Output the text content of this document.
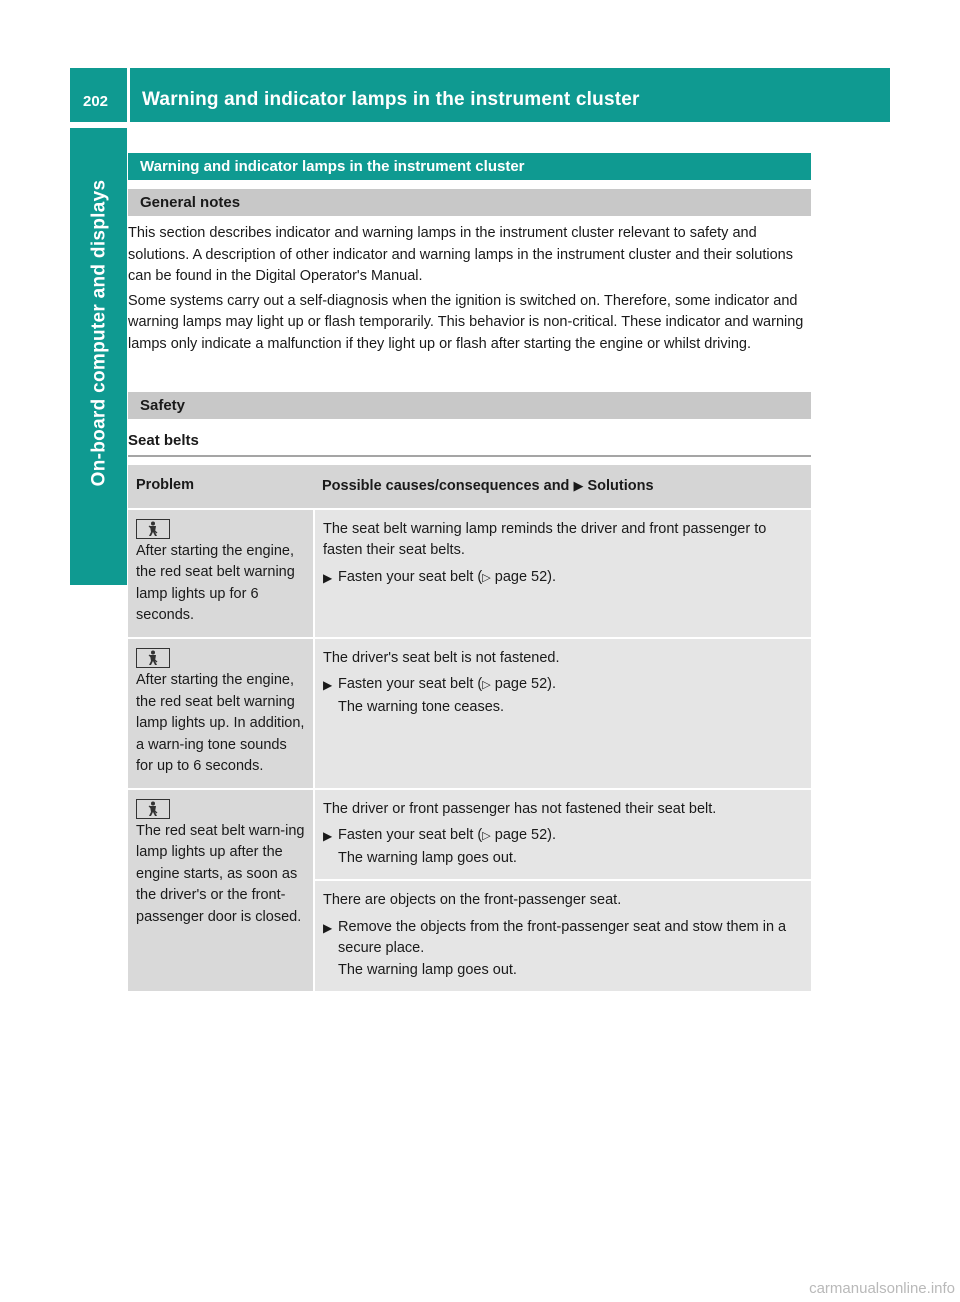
202	Warning and indicator lamps in the instrument cluster
On-board computer and displays
Warning and indicator lamps in the instrument cluster
General notes

This section describes indicator and warning lamps in the instrument cluster relevant to safety and solutions. A description of other indicator and warning lamps in the instrument cluster and their solutions can be found in the Digital Operator's Manual.

Some systems carry out a self-diagnosis when the ignition is switched on. Therefore, some indicator and warning lamps may light up or flash temporarily. This behavior is non-critical. These indicator and warning lamps only indicate a malfunction if they light up or flash after starting the engine or whilst driving.

Safety
Seat belts
Problem	Possible causes/consequences and ▶ Solutions

After starting the engine, the red seat belt warning lamp lights up for 6 seconds.	The seat belt warning lamp reminds the driver and front passenger to fasten their seat belts.
▶ Fasten your seat belt (▷ page 52).

After starting the engine, the red seat belt warning lamp lights up. In addition, a warn-ing tone sounds for up to 6 seconds.	The driver's seat belt is not fastened.
▶ Fasten your seat belt (▷ page 52).
The warning tone ceases.

The red seat belt warn-ing lamp lights up after the engine starts, as soon as the driver's or the front-passenger door is closed.	The driver or front passenger has not fastened their seat belt.
▶ Fasten your seat belt (▷ page 52).
The warning lamp goes out.

	There are objects on the front-passenger seat.
▶ Remove the objects from the front-passenger seat and stow them in a secure place.
The warning lamp goes out.
carmanualsonline.info
